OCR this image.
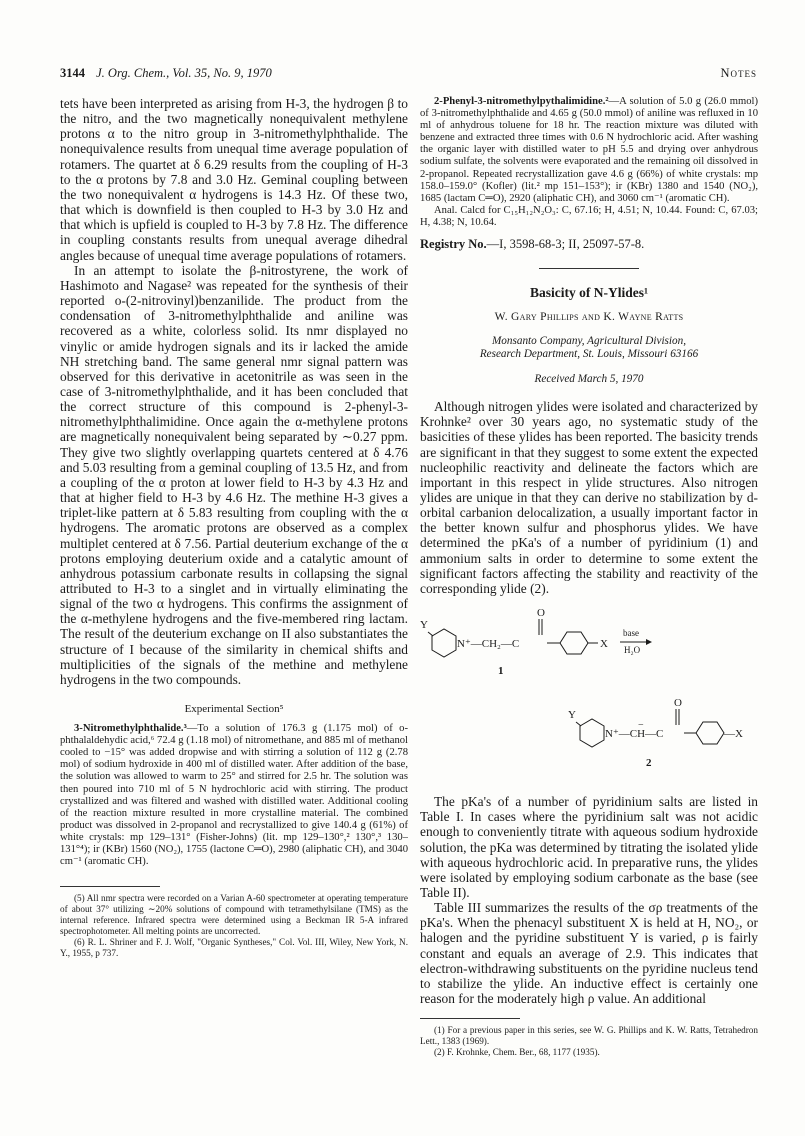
3144 J. Org. Chem., Vol. 35, No. 9, 1970	Notes

tets have been interpreted as arising from H-3, the hydrogen β to the nitro, and the two magnetically nonequivalent methylene protons α to the nitro group in 3-nitromethylphthalide. The nonequivalence results from unequal time average population of rotamers. The quartet at δ 6.29 results from the coupling of H-3 to the α protons by 7.8 and 3.0 Hz. Geminal coupling between the two nonequivalent α hydrogens is 14.3 Hz. Of these two, that which is downfield is then coupled to H-3 by 3.0 Hz and that which is upfield is coupled to H-3 by 7.8 Hz. The difference in coupling constants results from unequal average dihedral angles because of unequal time average populations of rotamers.

In an attempt to isolate the β-nitrostyrene, the work of Hashimoto and Nagase² was repeated for the synthesis of their reported o-(2-nitrovinyl)benzanilide. The product from the condensation of 3-nitromethylphthalide and aniline was recovered as a white, colorless solid. Its nmr displayed no vinylic or amide hydrogen signals and its ir lacked the amide NH stretching band. The same general nmr signal pattern was observed for this derivative in acetonitrile as was seen in the case of 3-nitromethylphthalide, and it has been concluded that the correct structure of this compound is 2-phenyl-3-nitromethylphthalimidine. Once again the α-methylene protons are magnetically nonequivalent being separated by ∼0.27 ppm. They give two slightly overlapping quartets centered at δ 4.76 and 5.03 resulting from a geminal coupling of 13.5 Hz, and from a coupling of the α proton at lower field to H-3 by 4.3 Hz and that at higher field to H-3 by 4.6 Hz. The methine H-3 gives a triplet-like pattern at δ 5.83 resulting from coupling with the α hydrogens. The aromatic protons are observed as a complex multiplet centered at δ 7.56. Partial deuterium exchange of the α protons employing deuterium oxide and a catalytic amount of anhydrous potassium carbonate results in collapsing the signal attributed to H-3 to a singlet and in virtually eliminating the signal of the two α hydrogens. This confirms the assignment of the α-methylene hydrogens and the five-membered ring lactam. The result of the deuterium exchange on II also substantiates the structure of I because of the similarity in chemical shifts and multiplicities of the signals of the methine and methylene hydrogens in the two compounds.

Experimental Section⁵

3-Nitromethylphthalide.³—To a solution of 176.3 g (1.175 mol) of o-phthalaldehydic acid,⁶ 72.4 g (1.18 mol) of nitromethane, and 885 ml of methanol cooled to −15° was added dropwise and with stirring a solution of 112 g (2.78 mol) of sodium hydroxide in 400 ml of distilled water. After addition of the base, the solution was allowed to warm to 25° and stirred for 2.5 hr. The solution was then poured into 710 ml of 5 N hydrochloric acid with stirring. The product crystallized and was filtered and washed with distilled water. Additional cooling of the reaction mixture resulted in more crystalline material. The combined product was dissolved in 2-propanol and recrystallized to give 140.4 g (61%) of white crystals: mp 129–131° (Fisher-Johns) (lit. mp 129–130°,² 130°,³ 130–131°⁴); ir (KBr) 1560 (NO₂), 1755 (lactone C═O), 2980 (aliphatic CH), and 3040 cm⁻¹ (aromatic CH).

(5) All nmr spectra were recorded on a Varian A-60 spectrometer at operating temperature of about 37° utilizing ∼20% solutions of compound with tetramethylsilane (TMS) as the internal reference. Infrared spectra were determined using a Beckman IR 5-A infrared spectrophotometer. All melting points are uncorrected.

(6) R. L. Shriner and F. J. Wolf, "Organic Syntheses," Col. Vol. III, Wiley, New York, N. Y., 1955, p 737.

2-Phenyl-3-nitromethylpythalimidine.²—A solution of 5.0 g (26.0 mmol) of 3-nitromethylphthalide and 4.65 g (50.0 mmol) of aniline was refluxed in 10 ml of anhydrous toluene for 18 hr. The reaction mixture was diluted with benzene and extracted three times with 0.6 N hydrochloric acid. After washing the organic layer with distilled water to pH 5.5 and drying over anhydrous sodium sulfate, the solvents were evaporated and the remaining oil dissolved in 2-propanol. Repeated recrystallization gave 4.6 g (66%) of white crystals: mp 158.0–159.0° (Kofler) (lit.² mp 151–153°); ir (KBr) 1380 and 1540 (NO₂), 1685 (lactam C═O), 2920 (aliphatic CH), and 3060 cm⁻¹ (aromatic CH).

Anal. Calcd for C₁₅H₁₂N₂O₃: C, 67.16; H, 4.51; N, 10.44. Found: C, 67.03; H, 4.38; N, 10.64.

Registry No.—I, 3598-68-3; II, 25097-57-8.
Basicity of N-Ylides¹
W. Gary Phillips and K. Wayne Ratts
Monsanto Company, Agricultural Division,
Research Department, St. Louis, Missouri 63166
Received March 5, 1970

Although nitrogen ylides were isolated and characterized by Krohnke² over 30 years ago, no systematic study of the basicities of these ylides has been reported. The basicity trends are significant in that they suggest to some extent the expected nucleophilic reactivity and delineate the factors which are important in this respect in ylide structures. Also nitrogen ylides are unique in that they can derive no stabilization by d-orbital carbanion delocalization, a usually important factor in the better known sulfur and phosphorus ylides. We have determined the pKa's of a number of pyridinium (1) and ammonium salts in order to determine to some extent the significant factors affecting the stability and reactivity of the corresponding ylide (2).

Y
N⁺—CH₂—C
O
X
base
H₂O
1
Y
N⁺—CH—C
−
O
—X
2

The pKa's of a number of pyridinium salts are listed in Table I. In cases where the pyridinium salt was not acidic enough to conveniently titrate with aqueous sodium hydroxide solution, the pKa was determined by titrating the isolated ylide with aqueous hydrochloric acid. In preparative runs, the ylides were isolated by employing sodium carbonate as the base (see Table II).

Table III summarizes the results of the σρ treatments of the pKa's. When the phenacyl substituent X is held at H, NO₂, or halogen and the pyridine substituent Y is varied, ρ is fairly constant and equals an average of 2.9. This indicates that electron-withdrawing substituents on the pyridine nucleus tend to stabilize the ylide. An inductive effect is certainly one reason for the moderately high ρ value. An additional

(1) For a previous paper in this series, see W. G. Phillips and K. W. Ratts, Tetrahedron Lett., 1383 (1969).

(2) F. Krohnke, Chem. Ber., 68, 1177 (1935).
